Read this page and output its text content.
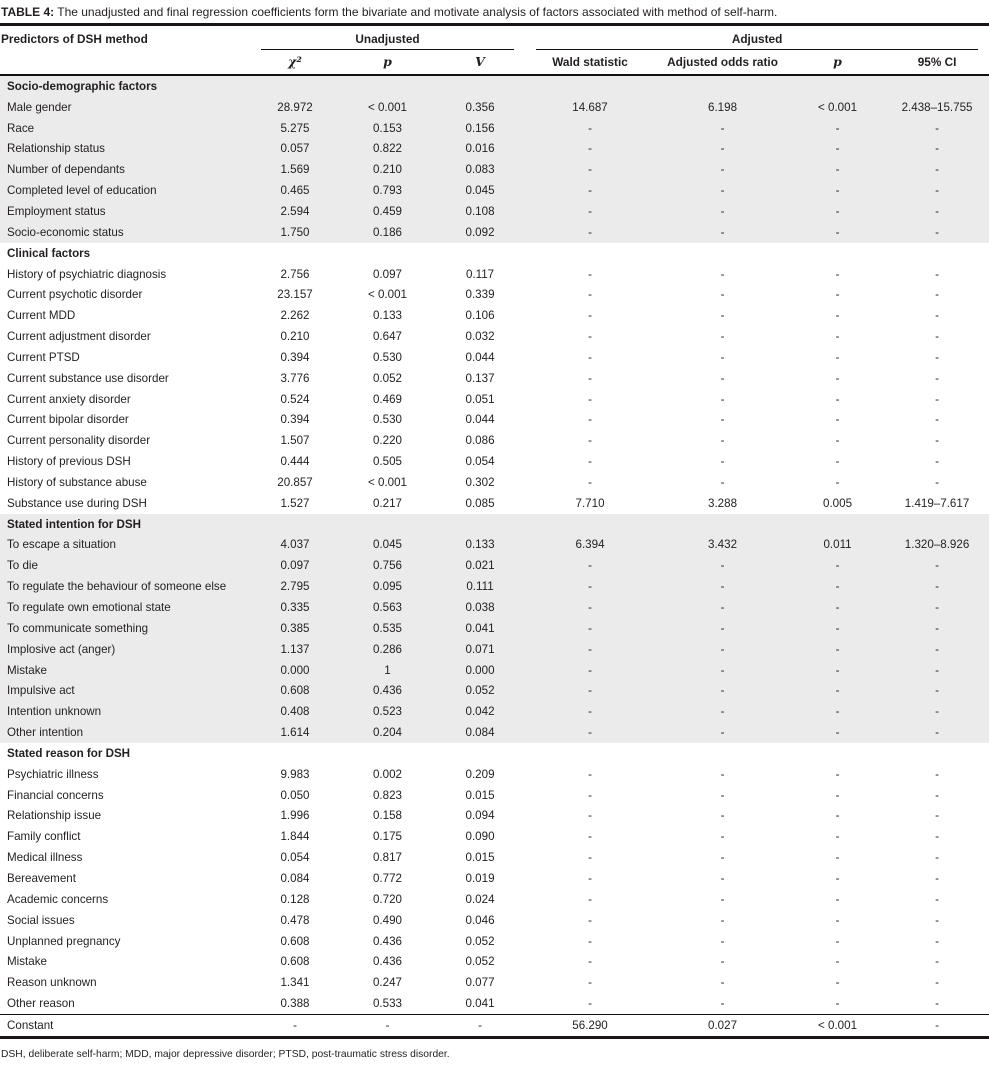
TABLE 4: The unadjusted and final regression coefficients form the bivariate and motivate analysis of factors associated with method of self-harm.
Predictors of DSH method	Unadjusted			Adjusted			

	χ²	p	V	Wald statistic	Adjusted odds ratio	p	95% CI
Socio-demographic factors							
Male gender	28.972	< 0.001	0.356	14.687	6.198	< 0.001	2.438–15.755
Race	5.275	0.153	0.156	-	-	-	-
Relationship status	0.057	0.822	0.016	-	-	-	-
Number of dependants	1.569	0.210	0.083	-	-	-	-
Completed level of education	0.465	0.793	0.045	-	-	-	-
Employment status	2.594	0.459	0.108	-	-	-	-
Socio-economic status	1.750	0.186	0.092	-	-	-	-
Clinical factors							
History of psychiatric diagnosis	2.756	0.097	0.117	-	-	-	-
Current psychotic disorder	23.157	< 0.001	0.339	-	-	-	-
Current MDD	2.262	0.133	0.106	-	-	-	-
Current adjustment disorder	0.210	0.647	0.032	-	-	-	-
Current PTSD	0.394	0.530	0.044	-	-	-	-
Current substance use disorder	3.776	0.052	0.137	-	-	-	-
Current anxiety disorder	0.524	0.469	0.051	-	-	-	-
Current bipolar disorder	0.394	0.530	0.044	-	-	-	-
Current personality disorder	1.507	0.220	0.086	-	-	-	-
History of previous DSH	0.444	0.505	0.054	-	-	-	-
History of substance abuse	20.857	< 0.001	0.302	-	-	-	-
Substance use during DSH	1.527	0.217	0.085	7.710	3.288	0.005	1.419–7.617
Stated intention for DSH							
To escape a situation	4.037	0.045	0.133	6.394	3.432	0.011	1.320–8.926
To die	0.097	0.756	0.021	-	-	-	-
To regulate the behaviour of someone else	2.795	0.095	0.111	-	-	-	-
To regulate own emotional state	0.335	0.563	0.038	-	-	-	-
To communicate something	0.385	0.535	0.041	-	-	-	-
Implosive act (anger)	1.137	0.286	0.071	-	-	-	-
Mistake	0.000	1	0.000	-	-	-	-
Impulsive act	0.608	0.436	0.052	-	-	-	-
Intention unknown	0.408	0.523	0.042	-	-	-	-
Other intention	1.614	0.204	0.084	-	-	-	-
Stated reason for DSH							
Psychiatric illness	9.983	0.002	0.209	-	-	-	-
Financial concerns	0.050	0.823	0.015	-	-	-	-
Relationship issue	1.996	0.158	0.094	-	-	-	-
Family conflict	1.844	0.175	0.090	-	-	-	-
Medical illness	0.054	0.817	0.015	-	-	-	-
Bereavement	0.084	0.772	0.019	-	-	-	-
Academic concerns	0.128	0.720	0.024	-	-	-	-
Social issues	0.478	0.490	0.046	-	-	-	-
Unplanned pregnancy	0.608	0.436	0.052	-	-	-	-
Mistake	0.608	0.436	0.052	-	-	-	-
Reason unknown	1.341	0.247	0.077	-	-	-	-
Other reason	0.388	0.533	0.041	-	-	-	-
Constant	-	-	-	56.290	0.027	< 0.001	-
DSH, deliberate self-harm; MDD, major depressive disorder; PTSD, post-traumatic stress disorder.
